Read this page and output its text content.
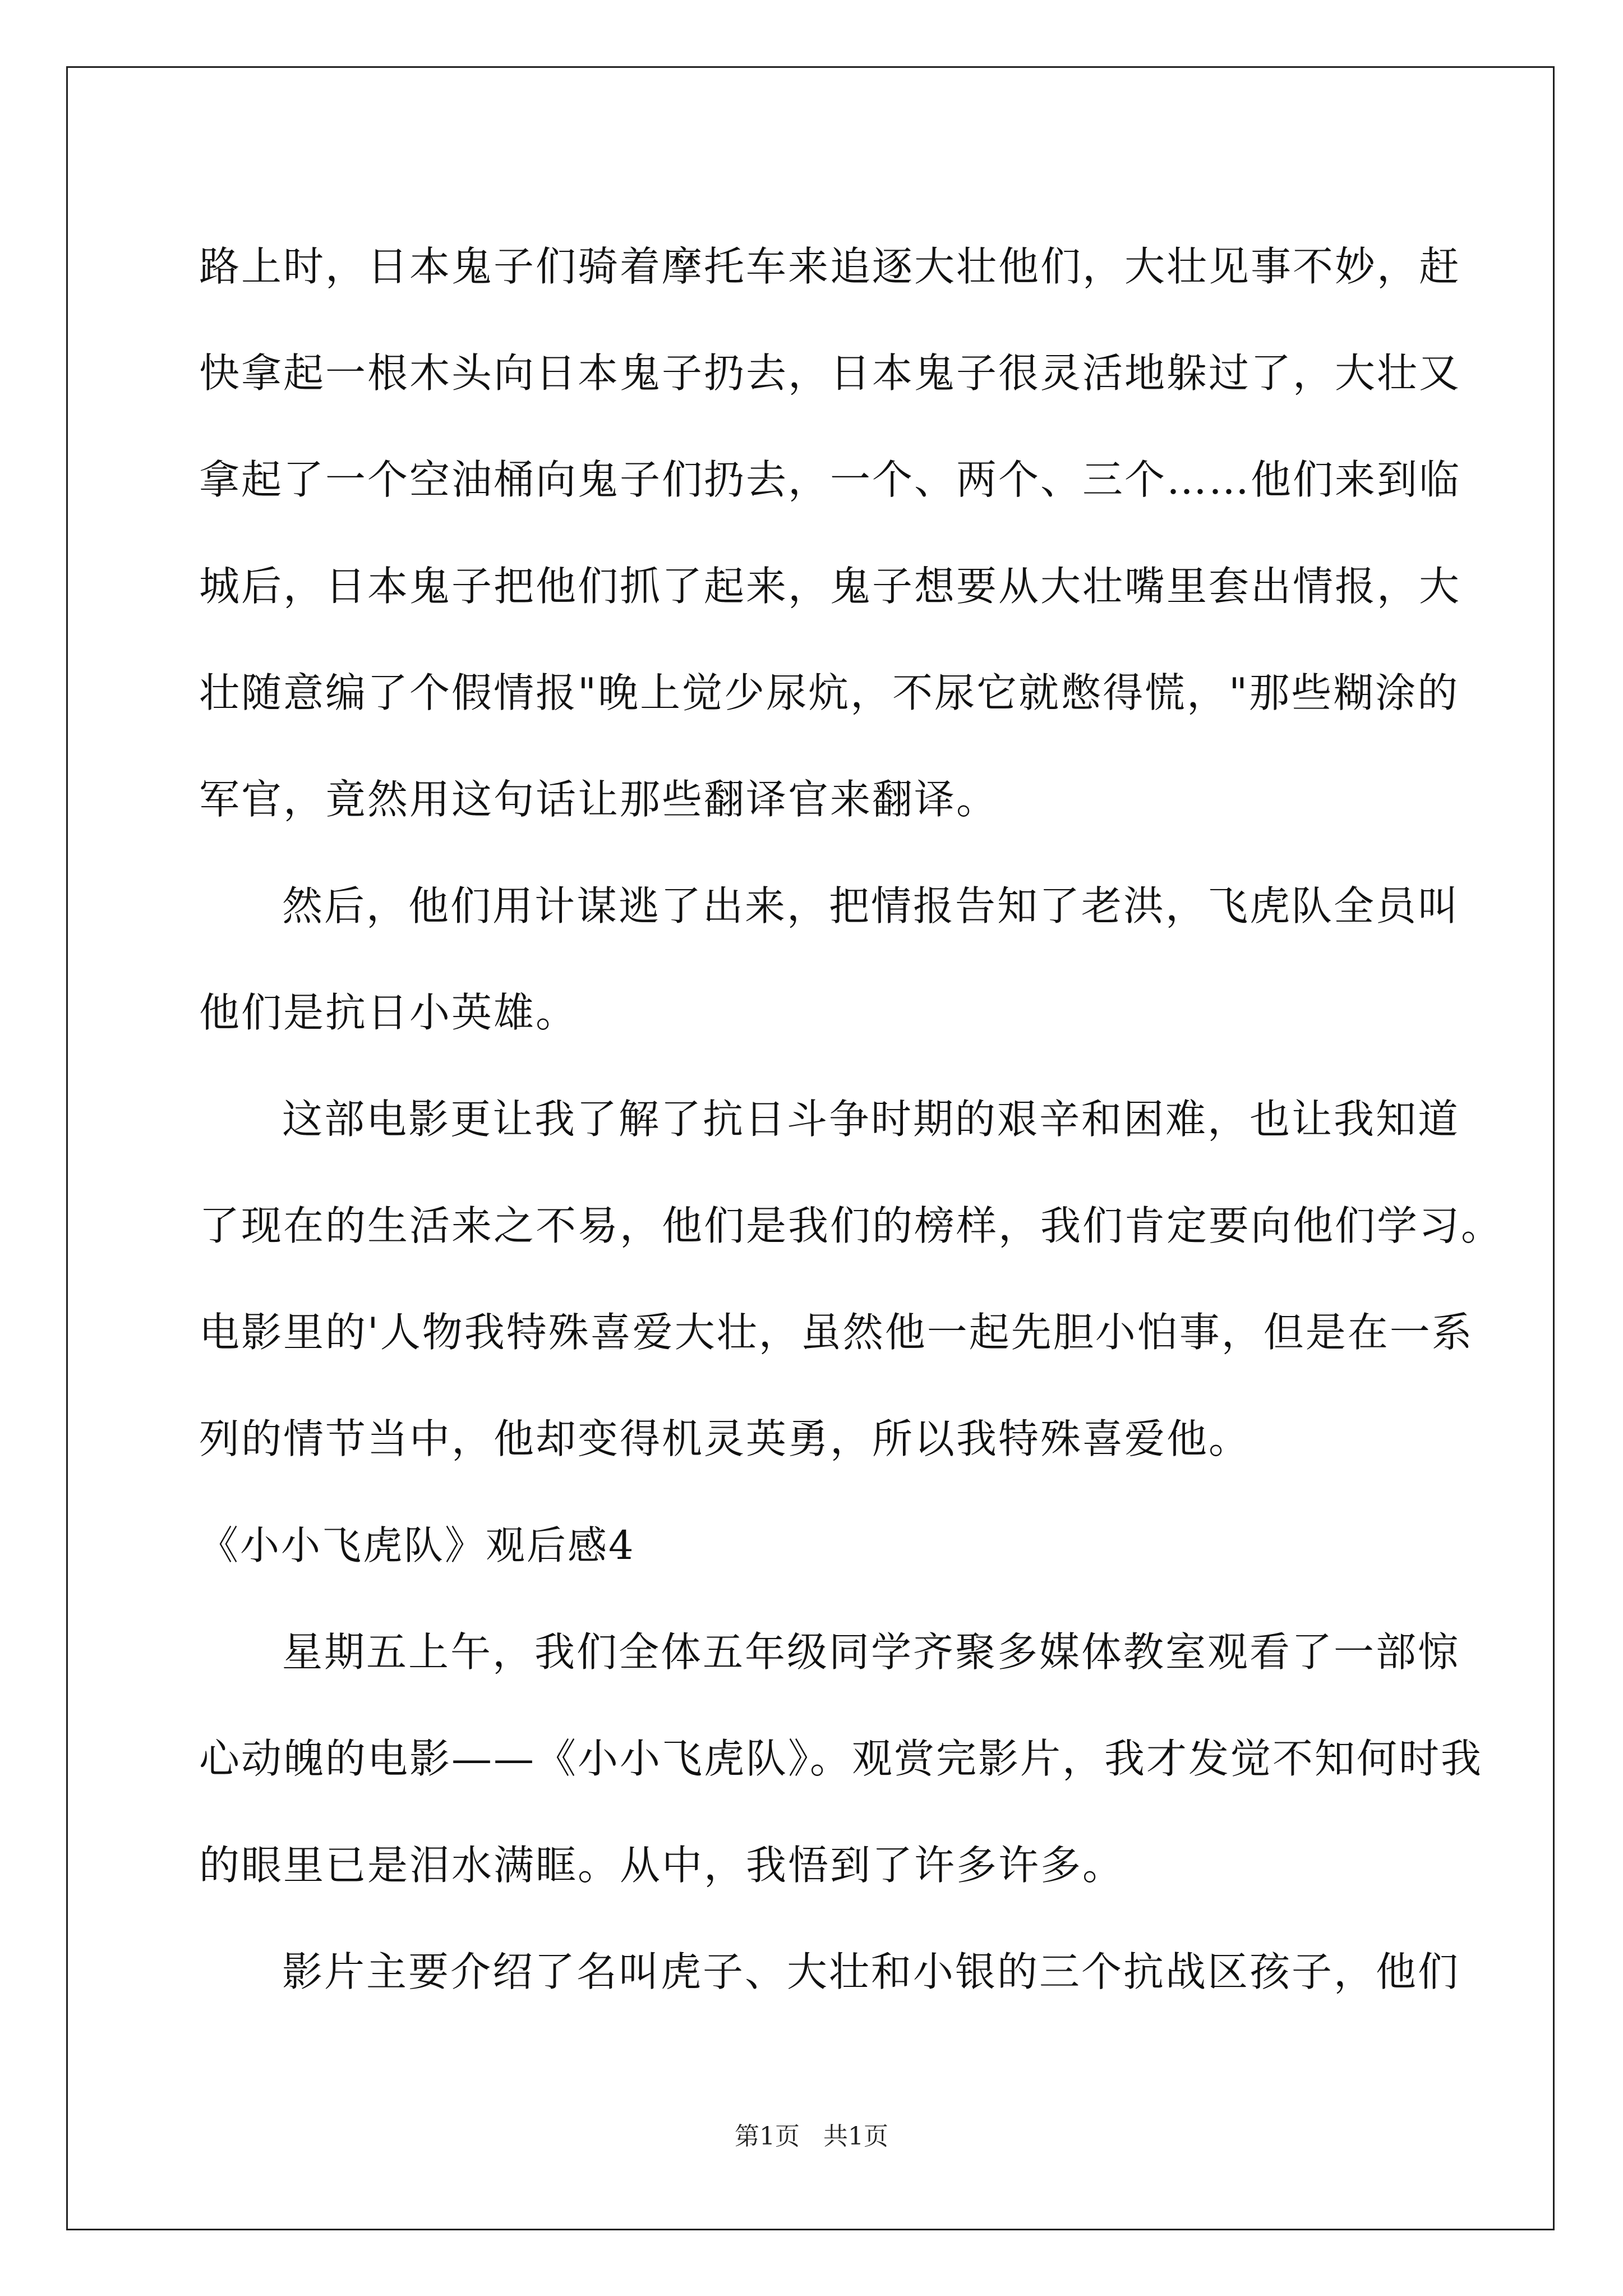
路上时，日本鬼子们骑着摩托车来追逐大壮他们，大壮见事不妙，赶
快拿起一根木头向日本鬼子扔去，日本鬼子很灵活地躲过了，大壮又
拿起了一个空油桶向鬼子们扔去，一个、两个、三个……他们来到临
城后，日本鬼子把他们抓了起来，鬼子想要从大壮嘴里套出情报，大
壮随意编了个假情报"晚上觉少尿炕，不尿它就憋得慌，"那些糊涂的
军官，竟然用这句话让那些翻译官来翻译。
然后，他们用计谋逃了出来，把情报告知了老洪，飞虎队全员叫
他们是抗日小英雄。
这部电影更让我了解了抗日斗争时期的艰辛和困难，也让我知道
了现在的生活来之不易，他们是我们的榜样，我们肯定要向他们学习。
电影里的'人物我特殊喜爱大壮，虽然他一起先胆小怕事，但是在一系
列的情节当中，他却变得机灵英勇，所以我特殊喜爱他。
《小小飞虎队》观后感4
星期五上午，我们全体五年级同学齐聚多媒体教室观看了一部惊
心动魄的电影——《小小飞虎队》。观赏完影片，我才发觉不知何时我
的眼里已是泪水满眶。从中，我悟到了许多许多。
影片主要介绍了名叫虎子、大壮和小银的三个抗战区孩子，他们
第1页   共1页
